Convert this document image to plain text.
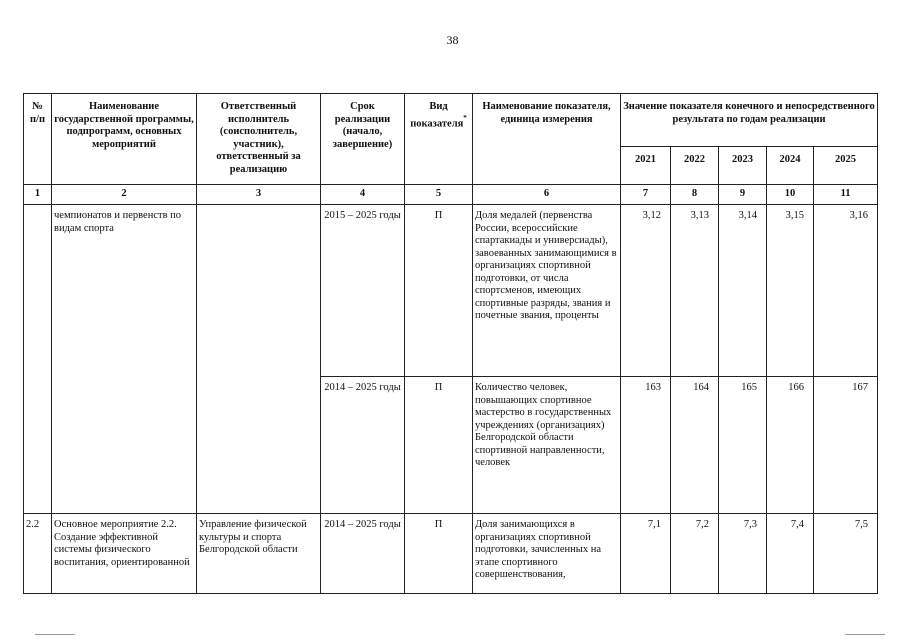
38
№
п/п	Наименование государственной программы, подпрограмм, основных мероприятий	Ответственный исполнитель (соисполнитель, участник), ответственный за реализацию	Срок реализации (начало, завершение)	Вид показателя*	Наименование показателя, единица измерения	Значение показателя конечного и непосредственного результата по годам реализации				
						2021	2022	2023	2024	2025
1	2	3	4	5	6	7	8	9	10	11
	чемпионатов и первенств по видам спорта		2015 – 2025 годы	П	Доля медалей (первенства России, всероссийские спартакиады и универсиады), завоеванных занимающимися в организациях спортивной подготовки, от числа спортсменов, имеющих спортивные разряды, звания и почетные звания, проценты	3,12	3,13	3,14	3,15	3,16
			2014 – 2025 годы	П	Количество человек, повышающих спортивное мастерство в государственных учреждениях (организациях) Белгородской области спортивной направленности, человек	163	164	165	166	167
2.2	Основное мероприятие 2.2. Создание эффективной системы физического воспитания, ориентированной	Управление физической культуры и спорта Белгородской области	2014 – 2025 годы	П	Доля занимающихся в организациях спортивной подготовки, зачисленных на этапе спортивного совершенствования,	7,1	7,2	7,3	7,4	7,5
